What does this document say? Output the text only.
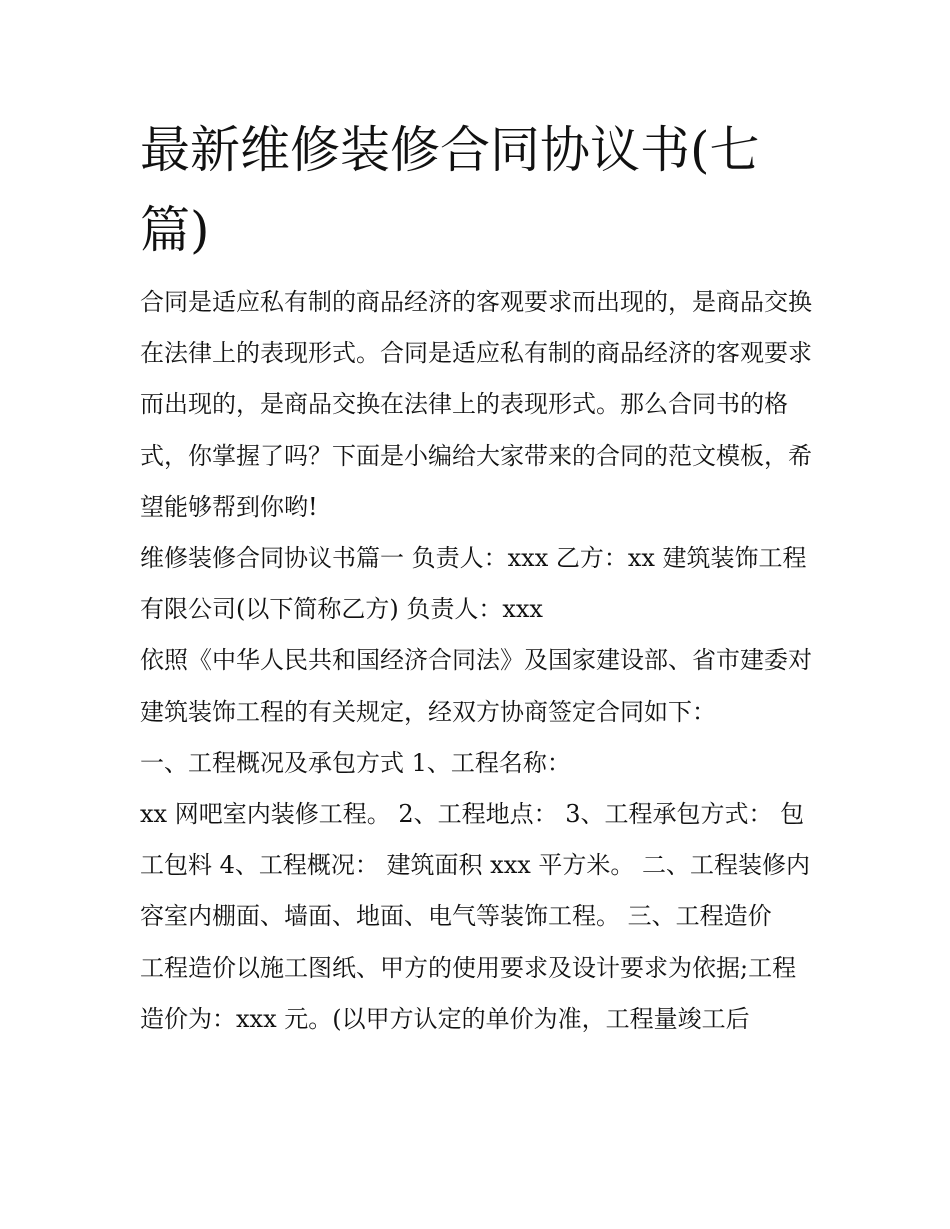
最新维修装修合同协议书(七篇)

合同是适应私有制的商品经济的客观要求而出现的，是商品交换在法律上的表现形式。合同是适应私有制的商品经济的客观要求而出现的，是商品交换在法律上的表现形式。那么合同书的格式，你掌握了吗？下面是小编给大家带来的合同的范文模板，希望能够帮到你哟!

维修装修合同协议书篇一 负责人：xxx 乙方：xx 建筑装饰工程有限公司(以下简称乙方) 负责人：xxx

依照《中华人民共和国经济合同法》及国家建设部、省市建委对建筑装饰工程的有关规定，经双方协商签定合同如下：

一、工程概况及承包方式 1、工程名称：

xx 网吧室内装修工程。 2、工程地点： 3、工程承包方式： 包工包料 4、工程概况： 建筑面积 xxx 平方米。 二、工程装修内容室内棚面、墙面、地面、电气等装饰工程。 三、工程造价

工程造价以施工图纸、甲方的使用要求及设计要求为依据;工程造价为：xxx 元。(以甲方认定的单价为准，工程量竣工后
